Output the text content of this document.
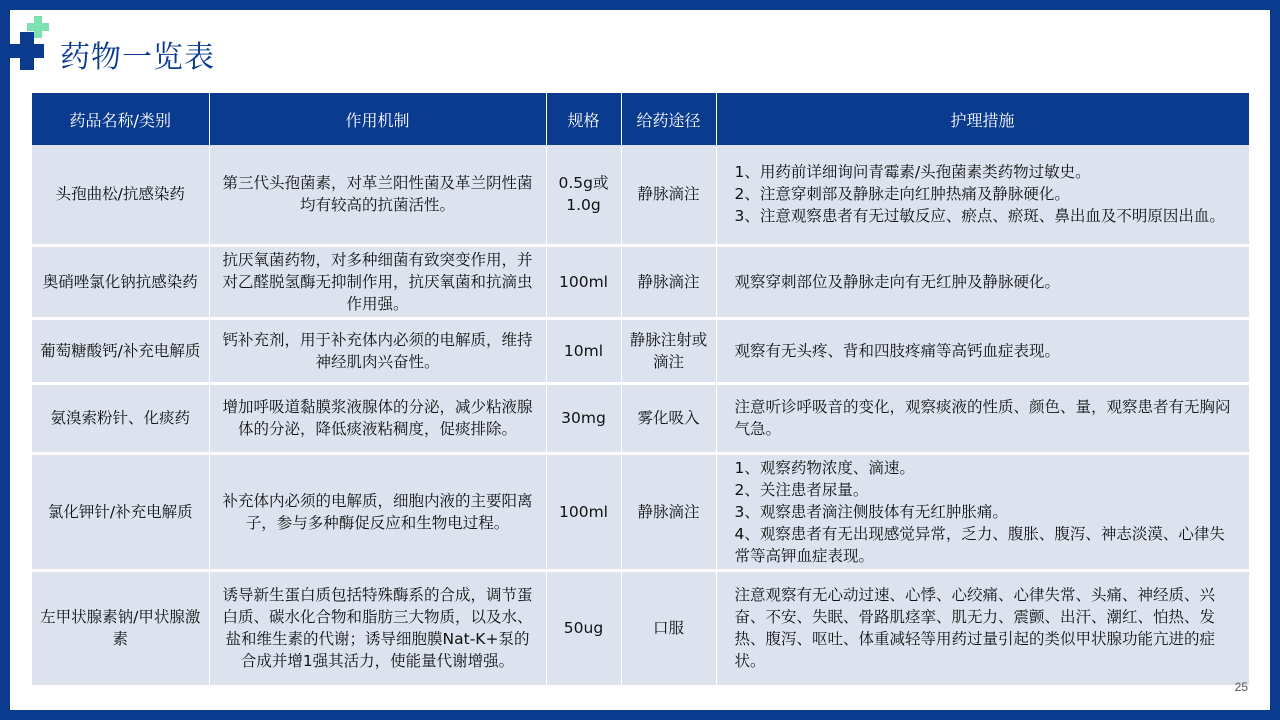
药物一览表
药品名称/类别	作用机制	规格	给药途径	护理措施
头孢曲松/抗感染药	第三代头孢菌素，对革兰阳性菌及革兰阴性菌均有较高的抗菌活性。	0.5g或1.0g	静脉滴注	1、用药前详细询问青霉素/头孢菌素类药物过敏史。
2、注意穿刺部及静脉走向红肿热痛及静脉硬化。
3、注意观察患者有无过敏反应、瘀点、瘀斑、鼻出血及不明原因出血。

奥硝唑氯化钠抗感染药	抗厌氧菌药物，对多种细菌有致突变作用，并对乙醛脱氢酶无抑制作用，抗厌氧菌和抗滴虫作用强。	100ml	静脉滴注	观察穿刺部位及静脉走向有无红肿及静脉硬化。

葡萄糖酸钙/补充电解质	钙补充剂，用于补充体内必须的电解质，维持神经肌肉兴奋性。	10ml	静脉注射或滴注	观察有无头疼、背和四肢疼痛等高钙血症表现。

氨溴索粉针、化痰药	增加呼吸道黏膜浆液腺体的分泌，减少粘液腺体的分泌，降低痰液粘稠度，促痰排除。	30mg	雾化吸入	注意听诊呼吸音的变化，观察痰液的性质、颜色、量，观察患者有无胸闷气急。

氯化钾针/补充电解质	补充体内必须的电解质，细胞内液的主要阳离子，参与多种酶促反应和生物电过程。	100ml	静脉滴注	1、观察药物浓度、滴速。
2、关注患者尿量。
3、观察患者滴注侧肢体有无红肿胀痛。
4、观察患者有无出现感觉异常，乏力、腹胀、腹泻、神志淡漠、心律失常等高钾血症表现。

左甲状腺素钠/甲状腺激素	诱导新生蛋白质包括特殊酶系的合成，调节蛋白质、碳水化合物和脂肪三大物质，以及水、盐和维生素的代谢；诱导细胞膜Nat-K+泵的合成并增1强其活力，使能量代谢增强。	50ug	口服	注意观察有无心动过速、心悸、心绞痛、心律失常、头痛、神经质、兴奋、不安、失眠、骨路肌痉挛、肌无力、震颤、出汗、潮红、怕热、发热、腹泻、呕吐、体重减轻等用药过量引起的类似甲状腺功能亢进的症状。
25
